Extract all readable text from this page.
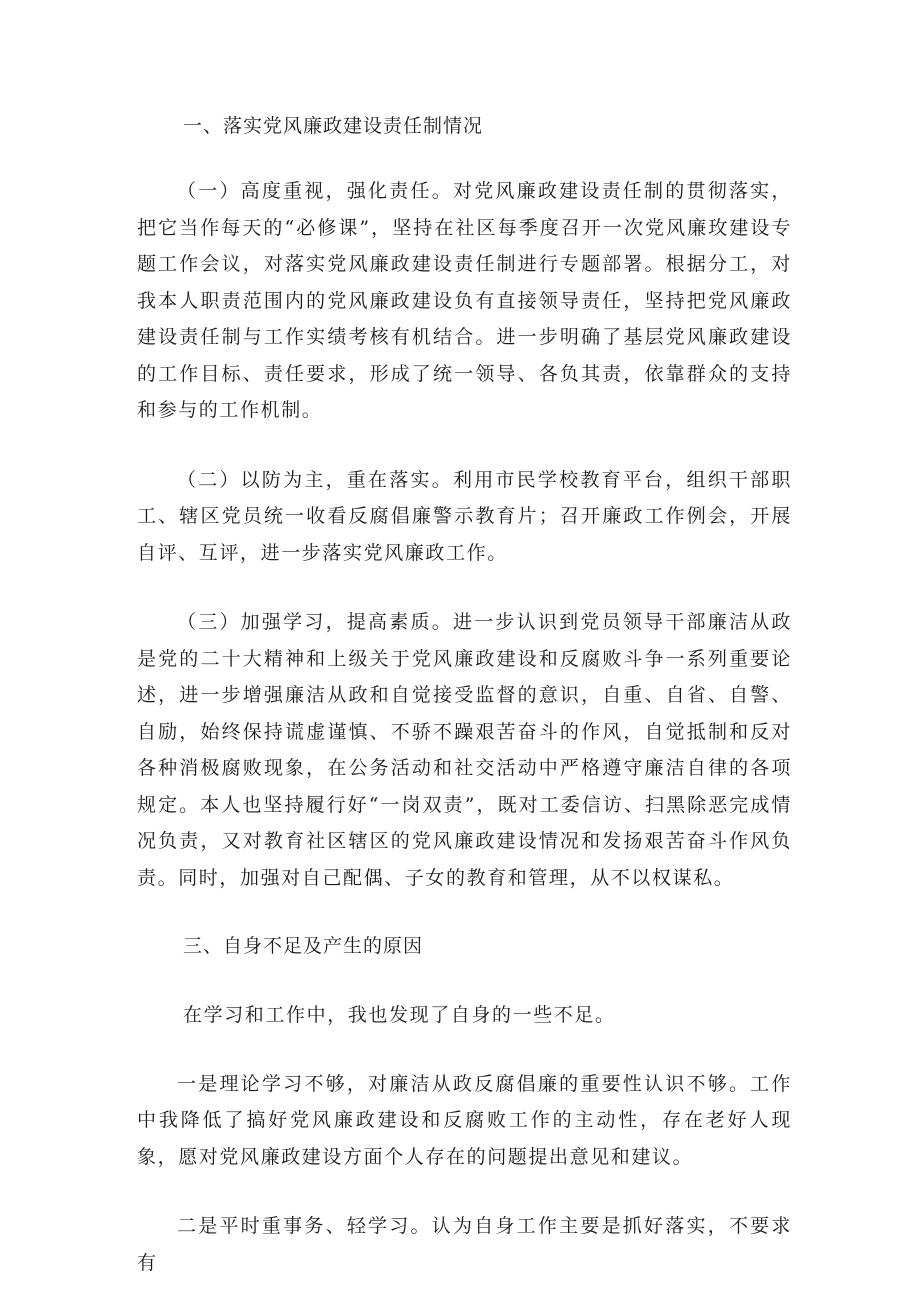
一、落实党风廉政建设责任制情况

（一）高度重视，强化责任。对党风廉政建设责任制的贯彻落实，把它当作每天的“必修课”，坚持在社区每季度召开一次党风廉玫建设专题工作会议，对落实党风廉政建设责任制进行专题部署。根据分工，对我本人职责范围内的党风廉政建设负有直接领导责任，坚持把党风廉政建设责任制与工作实绩考核有机结合。进一步明确了基层党风廉政建设的工作目标、责任要求，形成了统一领导、各负其责，依靠群众的支持和参与的工作机制。

（二）以防为主，重在落实。利用市民学校教育平台，组织干部职工、辖区党员统一收看反腐倡廉警示教育片；召开廉政工作例会，开展自评、互评，进一步落实党风廉政工作。

（三）加强学习，提高素质。进一步认识到党员领导干部廉洁从政是党的二十大精神和上级关于党风廉政建设和反腐败斗争一系列重要论述，进一步增强廉洁从政和自觉接受监督的意识，自重、自省、自警、自励，始终保持谎虚谨慎、不骄不躁艰苦奋斗的作风，自觉抵制和反对各种消极腐败现象，在公务活动和社交活动中严格遵守廉洁自律的各项规定。本人也坚持履行好“一岗双责”，既对工委信访、扫黑除恶完成情况负责，又对教育社区辖区的党风廉政建设情况和发扬艰苦奋斗作风负责。同时，加强对自己配偶、子女的教育和管理，从不以权谋私。

三、自身不足及产生的原因

在学习和工作中，我也发现了自身的一些不足。

一是理论学习不够，对廉洁从政反腐倡廉的重要性认识不够。工作中我降低了搞好党风廉政建设和反腐败工作的主动性，存在老好人现象，愿对党风廉政建设方面个人存在的问题提出意见和建议。

二是平时重事务、轻学习。认为自身工作主要是抓好落实，不要求有
